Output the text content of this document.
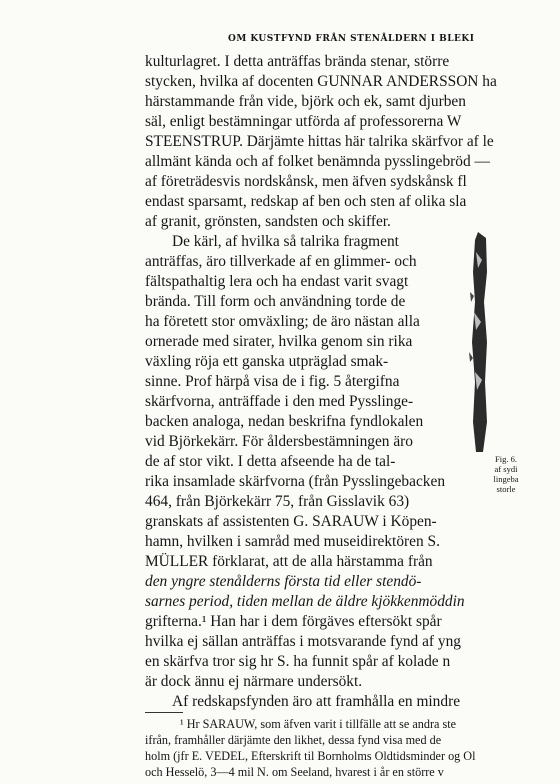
OM KUSTFYND FRÅN STENÅLDERN I BLEKI
kulturlagret. I detta anträffas brända stenar, större
stycken, hvilka af docenten GUNNAR ANDERSSON ha
härstammande från vide, björk och ek, samt djurben
säl, enligt bestämningar utförda af professorerna W
STEENSTRUP. Därjämte hittas här talrika skärfvor af le
allmänt kända och af folket benämnda pysslingebröd —
af företrädesvis nordskånsk, men äfven sydskånsk fl
endast sparsamt, redskap af ben och sten af olika sla
af granit, grönsten, sandsten och skiffer.
De kärl, af hvilka så talrika fragment
anträffas, äro tillverkade af en glimmer- och
fältspathaltig lera och ha endast varit svagt
brända. Till form och användning torde de
ha företett stor omväxling; de äro nästan alla
ornerade med sirater, hvilka genom sin rika
växling röja ett ganska utpräglad smak-
sinne. Prof härpå visa de i fig. 5 återgifna
skärfvorna, anträffade i den med Pysslinge-
backen analoga, nedan beskrifna fyndlokalen
vid Björkekärr. För åldersbestämningen äro
de af stor vikt. I detta afseende ha de tal-
rika insamlade skärfvorna (från Pysslingebacken
464, från Björkekärr 75, från Gisslavik 63)
granskats af assistenten G. SARAUW i Köpen-
hamn, hvilken i samråd med museidirektören S.
MÜLLER förklarat, att de alla härstamma från
den yngre stenålderns första tid eller stendö-
sarnes period, tiden mellan de äldre kjökkenmöddin
grifterna.¹ Han har i dem förgäves eftersökt spår
hvilka ej sällan anträffas i motsvarande fynd af yng
en skärfva tror sig hr S. ha funnit spår af kolade n
är dock ännu ej närmare undersökt.
Af redskapsfynden äro att framhålla en mindre
¹ Hr SARAUW, som äfven varit i tillfälle att se andra ste
ifrån, framhåller därjämte den likhet, dessa fynd visa med de
holm (jfr E. VEDEL, Efterskrift til Bornholms Oldtidsminder og Ol
och Hesselö, 3—4 mil N. om Seeland, hvarest i år en större v
Fig. 6.
af sydi
lingeba
storle
